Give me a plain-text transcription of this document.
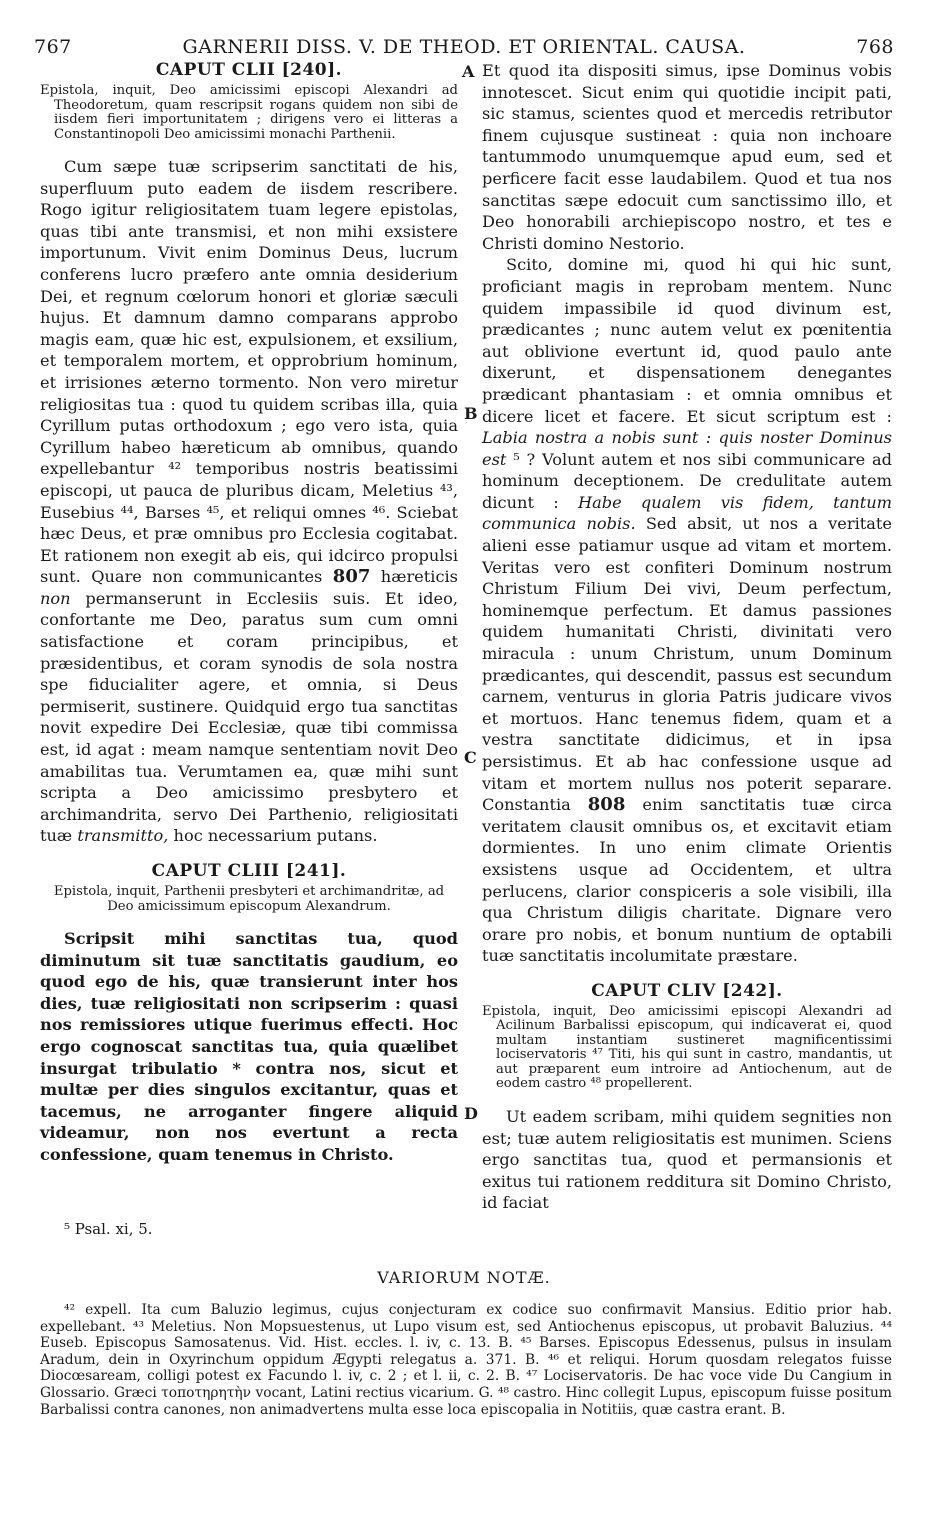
767	GARNERII DISS. V. DE THEOD. ET ORIENTAL. CAUSA.	768
A
B
C
D
CAPUT CLII [240].

Epistola, inquit, Deo amicissimi episcopi Alexandri ad Theodoretum, quam rescripsit rogans quidem non sibi de iisdem fieri importunitatem ; dirigens vero ei litteras a Constantinopoli Deo amicissimi monachi Parthenii.

Cum sæpe tuæ scripserim sanctitati de his, superfluum puto eadem de iisdem rescribere. Rogo igitur religiositatem tuam legere epistolas, quas tibi ante transmisi, et non mihi exsistere importunum. Vivit enim Dominus Deus, lucrum conferens lucro præfero ante omnia desiderium Dei, et regnum cœlorum honori et gloriæ sæculi hujus. Et damnum damno comparans approbo magis eam, quæ hic est, expulsionem, et exsilium, et temporalem mortem, et opprobrium hominum, et irrisiones æterno tormento. Non vero miretur religiositas tua : quod tu quidem scribas illa, quia Cyrillum putas orthodoxum ; ego vero ista, quia Cyrillum habeo hæreticum ab omnibus, quando expellebantur ⁴² temporibus nostris beatissimi episcopi, ut pauca de pluribus dicam, Meletius ⁴³, Eusebius ⁴⁴, Barses ⁴⁵, et reliqui omnes ⁴⁶. Sciebat hæc Deus, et præ omnibus pro Ecclesia cogitabat. Et rationem non exegit ab eis, qui idcirco propulsi sunt. Quare non communicantes 807 hæreticis non permanserunt in Ecclesiis suis. Et ideo, confortante me Deo, paratus sum cum omni satisfactione et coram principibus, et præsidentibus, et coram synodis de sola nostra spe fiducialiter agere, et omnia, si Deus permiserit, sustinere. Quidquid ergo tua sanctitas novit expedire Dei Ecclesiæ, quæ tibi commissa est, id agat : meam namque sententiam novit Deo amabilitas tua. Verumtamen ea, quæ mihi sunt scripta a Deo amicissimo presbytero et archimandrita, servo Dei Parthenio, religiositati tuæ transmitto, hoc necessarium putans.

CAPUT CLIII [241].

Epistola, inquit, Parthenii presbyteri et archimandritæ, ad Deo amicissimum episcopum Alexandrum.

Scripsit mihi sanctitas tua, quod diminutum sit tuæ sanctitatis gaudium, eo quod ego de his, quæ transierunt inter hos dies, tuæ religiositati non scripserim : quasi nos remissiores utique fuerimus effecti. Hoc ergo cognoscat sanctitas tua, quia quælibet insurgat tribulatio * contra nos, sicut et multæ per dies singulos excitantur, quas et tacemus, ne arroganter fingere aliquid videamur, non nos evertunt a recta confessione, quam tenemus in Christo.

Et quod ita dispositi simus, ipse Dominus vobis innotescet. Sicut enim qui quotidie incipit pati, sic stamus, scientes quod et mercedis retributor finem cujusque sustineat : quia non inchoare tantummodo unumquemque apud eum, sed et perficere facit esse laudabilem. Quod et tua nos sanctitas sæpe edocuit cum sanctissimo illo, et Deo honorabili archiepiscopo nostro, et tes e Christi domino Nestorio.

Scito, domine mi, quod hi qui hic sunt, proficiant magis in reprobam mentem. Nunc quidem impassibile id quod divinum est, prædicantes ; nunc autem velut ex pœnitentia aut oblivione evertunt id, quod paulo ante dixerunt, et dispensationem denegantes prædicant phantasiam : et omnia omnibus et dicere licet et facere. Et sicut scriptum est : Labia nostra a nobis sunt : quis noster Dominus est ⁵ ? Volunt autem et nos sibi communicare ad hominum deceptionem. De credulitate autem dicunt : Habe qualem vis fidem, tantum communica nobis. Sed absit, ut nos a veritate alieni esse patiamur usque ad vitam et mortem. Veritas vero est confiteri Dominum nostrum Christum Filium Dei vivi, Deum perfectum, hominemque perfectum. Et damus passiones quidem humanitati Christi, divinitati vero miracula : unum Christum, unum Dominum prædicantes, qui descendit, passus est secundum carnem, venturus in gloria Patris judicare vivos et mortuos. Hanc tenemus fidem, quam et a vestra sanctitate didicimus, et in ipsa persistimus. Et ab hac confessione usque ad vitam et mortem nullus nos poterit separare. Constantia 808 enim sanctitatis tuæ circa veritatem clausit omnibus os, et excitavit etiam dormientes. In uno enim climate Orientis exsistens usque ad Occidentem, et ultra perlucens, clarior conspiceris a sole visibili, illa qua Christum diligis charitate. Dignare vero orare pro nobis, et bonum nuntium de optabili tuæ sanctitatis incolumitate præstare.

CAPUT CLIV [242].

Epistola, inquit, Deo amicissimi episcopi Alexandri ad Acilinum Barbalissi episcopum, qui indicaverat ei, quod multam instantiam sustineret magnificentissimi lociservatoris ⁴⁷ Titi, his qui sunt in castro, mandantis, ut aut præparent eum introire ad Antiochenum, aut de eodem castro ⁴⁸ propellerent.

Ut eadem scribam, mihi quidem segnities non est; tuæ autem religiositatis est munimen. Sciens ergo sanctitas tua, quod et permansionis et exitus tui rationem redditura sit Domino Christo, id faciat

⁵ Psal. xi, 5.
VARIORUM NOTÆ.
⁴² expell. Ita cum Baluzio legimus, cujus conjecturam ex codice suo confirmavit Mansius. Editio prior hab. expellebant. ⁴³ Meletius. Non Mopsuestenus, ut Lupo visum est, sed Antiochenus episcopus, ut probavit Baluzius. ⁴⁴ Euseb. Episcopus Samosatenus. Vid. Hist. eccles. l. iv, c. 13. B. ⁴⁵ Barses. Episcopus Edessenus, pulsus in insulam Aradum, dein in Oxyrinchum oppidum Ægypti relegatus a. 371. B. ⁴⁶ et reliqui. Horum quosdam relegatos fuisse Diocœsaream, colligi potest ex Facundo l. iv, c. 2 ; et l. ii, c. 2. B. ⁴⁷ Lociservatoris. De hac voce vide Du Cangium in Glossario. Græci τοποτηρητὴν vocant, Latini rectius vicarium. G. ⁴⁸ castro. Hinc collegit Lupus, episcopum fuisse positum Barbalissi contra canones, non animadvertens multa esse loca episcopalia in Notitiis, quæ castra erant. B.
